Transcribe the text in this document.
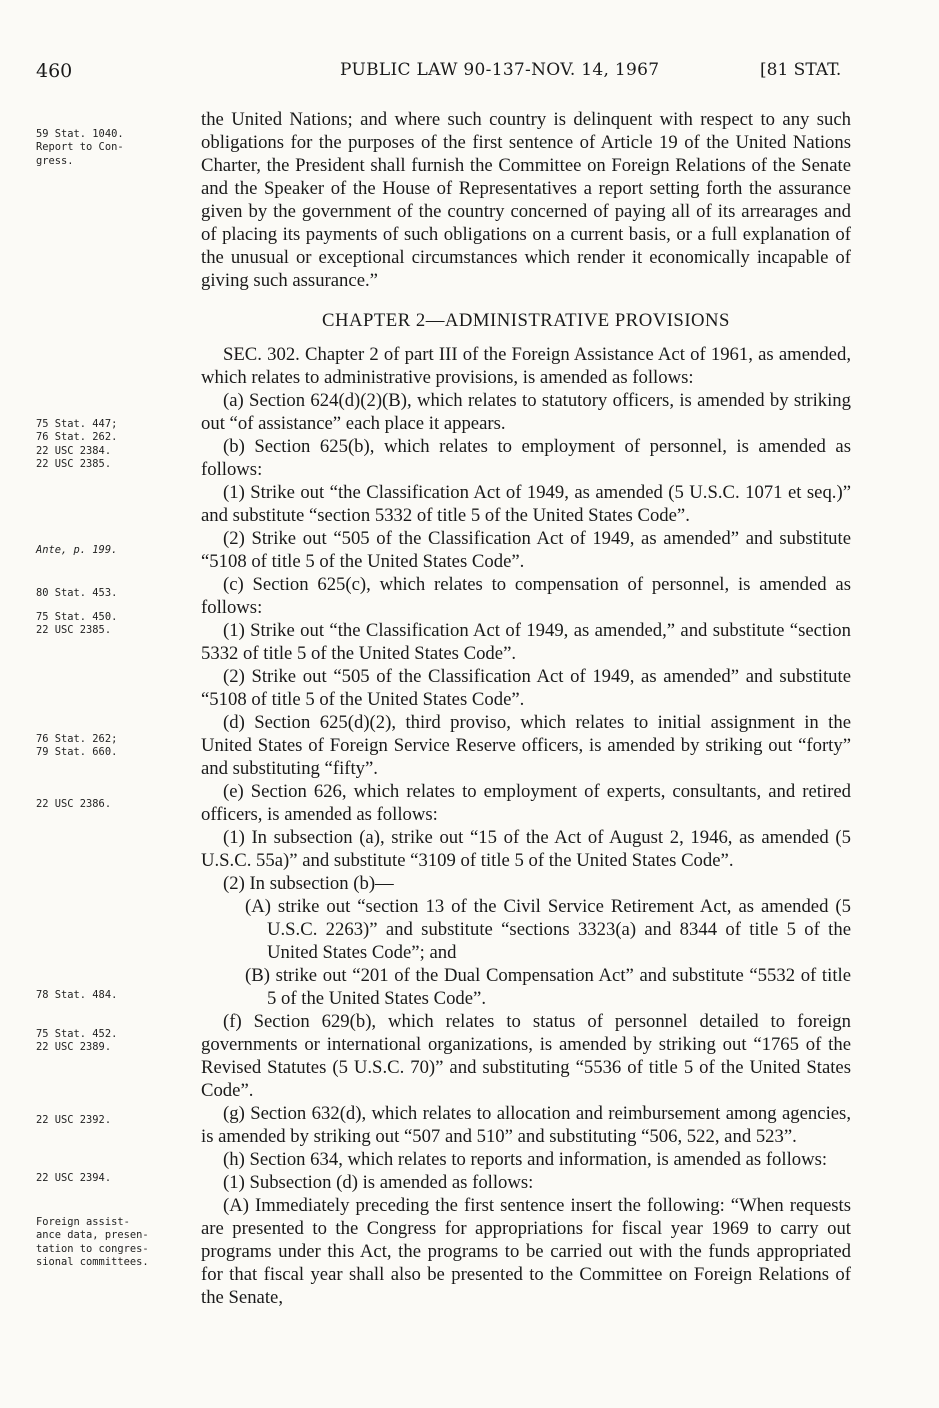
460	PUBLIC LAW 90-137-NOV. 14, 1967	[81 STAT.
59 Stat. 1040.
Report to Con-
gress.
75 Stat. 447;
76 Stat. 262.
22 USC 2384.
22 USC 2385.
Ante, p. 199.
80 Stat. 453.
75 Stat. 450.
22 USC 2385.
76 Stat. 262;
79 Stat. 660.
22 USC 2386.
78 Stat. 484.
75 Stat. 452.
22 USC 2389.
22 USC 2392.
22 USC 2394.
Foreign assist-
ance data, presen-
tation to congres-
sional committees.

the United Nations; and where such country is delinquent with respect to any such obligations for the purposes of the first sentence of Article 19 of the United Nations Charter, the President shall furnish the Committee on Foreign Relations of the Senate and the Speaker of the House of Representatives a report setting forth the assurance given by the government of the country concerned of paying all of its arrearages and of placing its payments of such obligations on a current basis, or a full explanation of the unusual or exceptional circumstances which render it economically incapable of giving such assurance.”

CHAPTER 2—ADMINISTRATIVE PROVISIONS

SEC. 302. Chapter 2 of part III of the Foreign Assistance Act of 1961, as amended, which relates to administrative provisions, is amended as follows:

(a) Section 624(d)(2)(B), which relates to statutory officers, is amended by striking out “of assistance” each place it appears.

(b) Section 625(b), which relates to employment of personnel, is amended as follows:

(1) Strike out “the Classification Act of 1949, as amended (5 U.S.C. 1071 et seq.)” and substitute “section 5332 of title 5 of the United States Code”.

(2) Strike out “505 of the Classification Act of 1949, as amended” and substitute “5108 of title 5 of the United States Code”.

(c) Section 625(c), which relates to compensation of personnel, is amended as follows:

(1) Strike out “the Classification Act of 1949, as amended,” and substitute “section 5332 of title 5 of the United States Code”.

(2) Strike out “505 of the Classification Act of 1949, as amended” and substitute “5108 of title 5 of the United States Code”.

(d) Section 625(d)(2), third proviso, which relates to initial assignment in the United States of Foreign Service Reserve officers, is amended by striking out “forty” and substituting “fifty”.

(e) Section 626, which relates to employment of experts, consultants, and retired officers, is amended as follows:

(1) In subsection (a), strike out “15 of the Act of August 2, 1946, as amended (5 U.S.C. 55a)” and substitute “3109 of title 5 of the United States Code”.

(2) In subsection (b)—

(A) strike out “section 13 of the Civil Service Retirement Act, as amended (5 U.S.C. 2263)” and substitute “sections 3323(a) and 8344 of title 5 of the United States Code”; and

(B) strike out “201 of the Dual Compensation Act” and substitute “5532 of title 5 of the United States Code”.

(f) Section 629(b), which relates to status of personnel detailed to foreign governments or international organizations, is amended by striking out “1765 of the Revised Statutes (5 U.S.C. 70)” and substituting “5536 of title 5 of the United States Code”.

(g) Section 632(d), which relates to allocation and reimbursement among agencies, is amended by striking out “507 and 510” and substituting “506, 522, and 523”.

(h) Section 634, which relates to reports and information, is amended as follows:

(1) Subsection (d) is amended as follows:

(A) Immediately preceding the first sentence insert the following: “When requests are presented to the Congress for appropriations for fiscal year 1969 to carry out programs under this Act, the programs to be carried out with the funds appropriated for that fiscal year shall also be presented to the Committee on Foreign Relations of the Senate,
